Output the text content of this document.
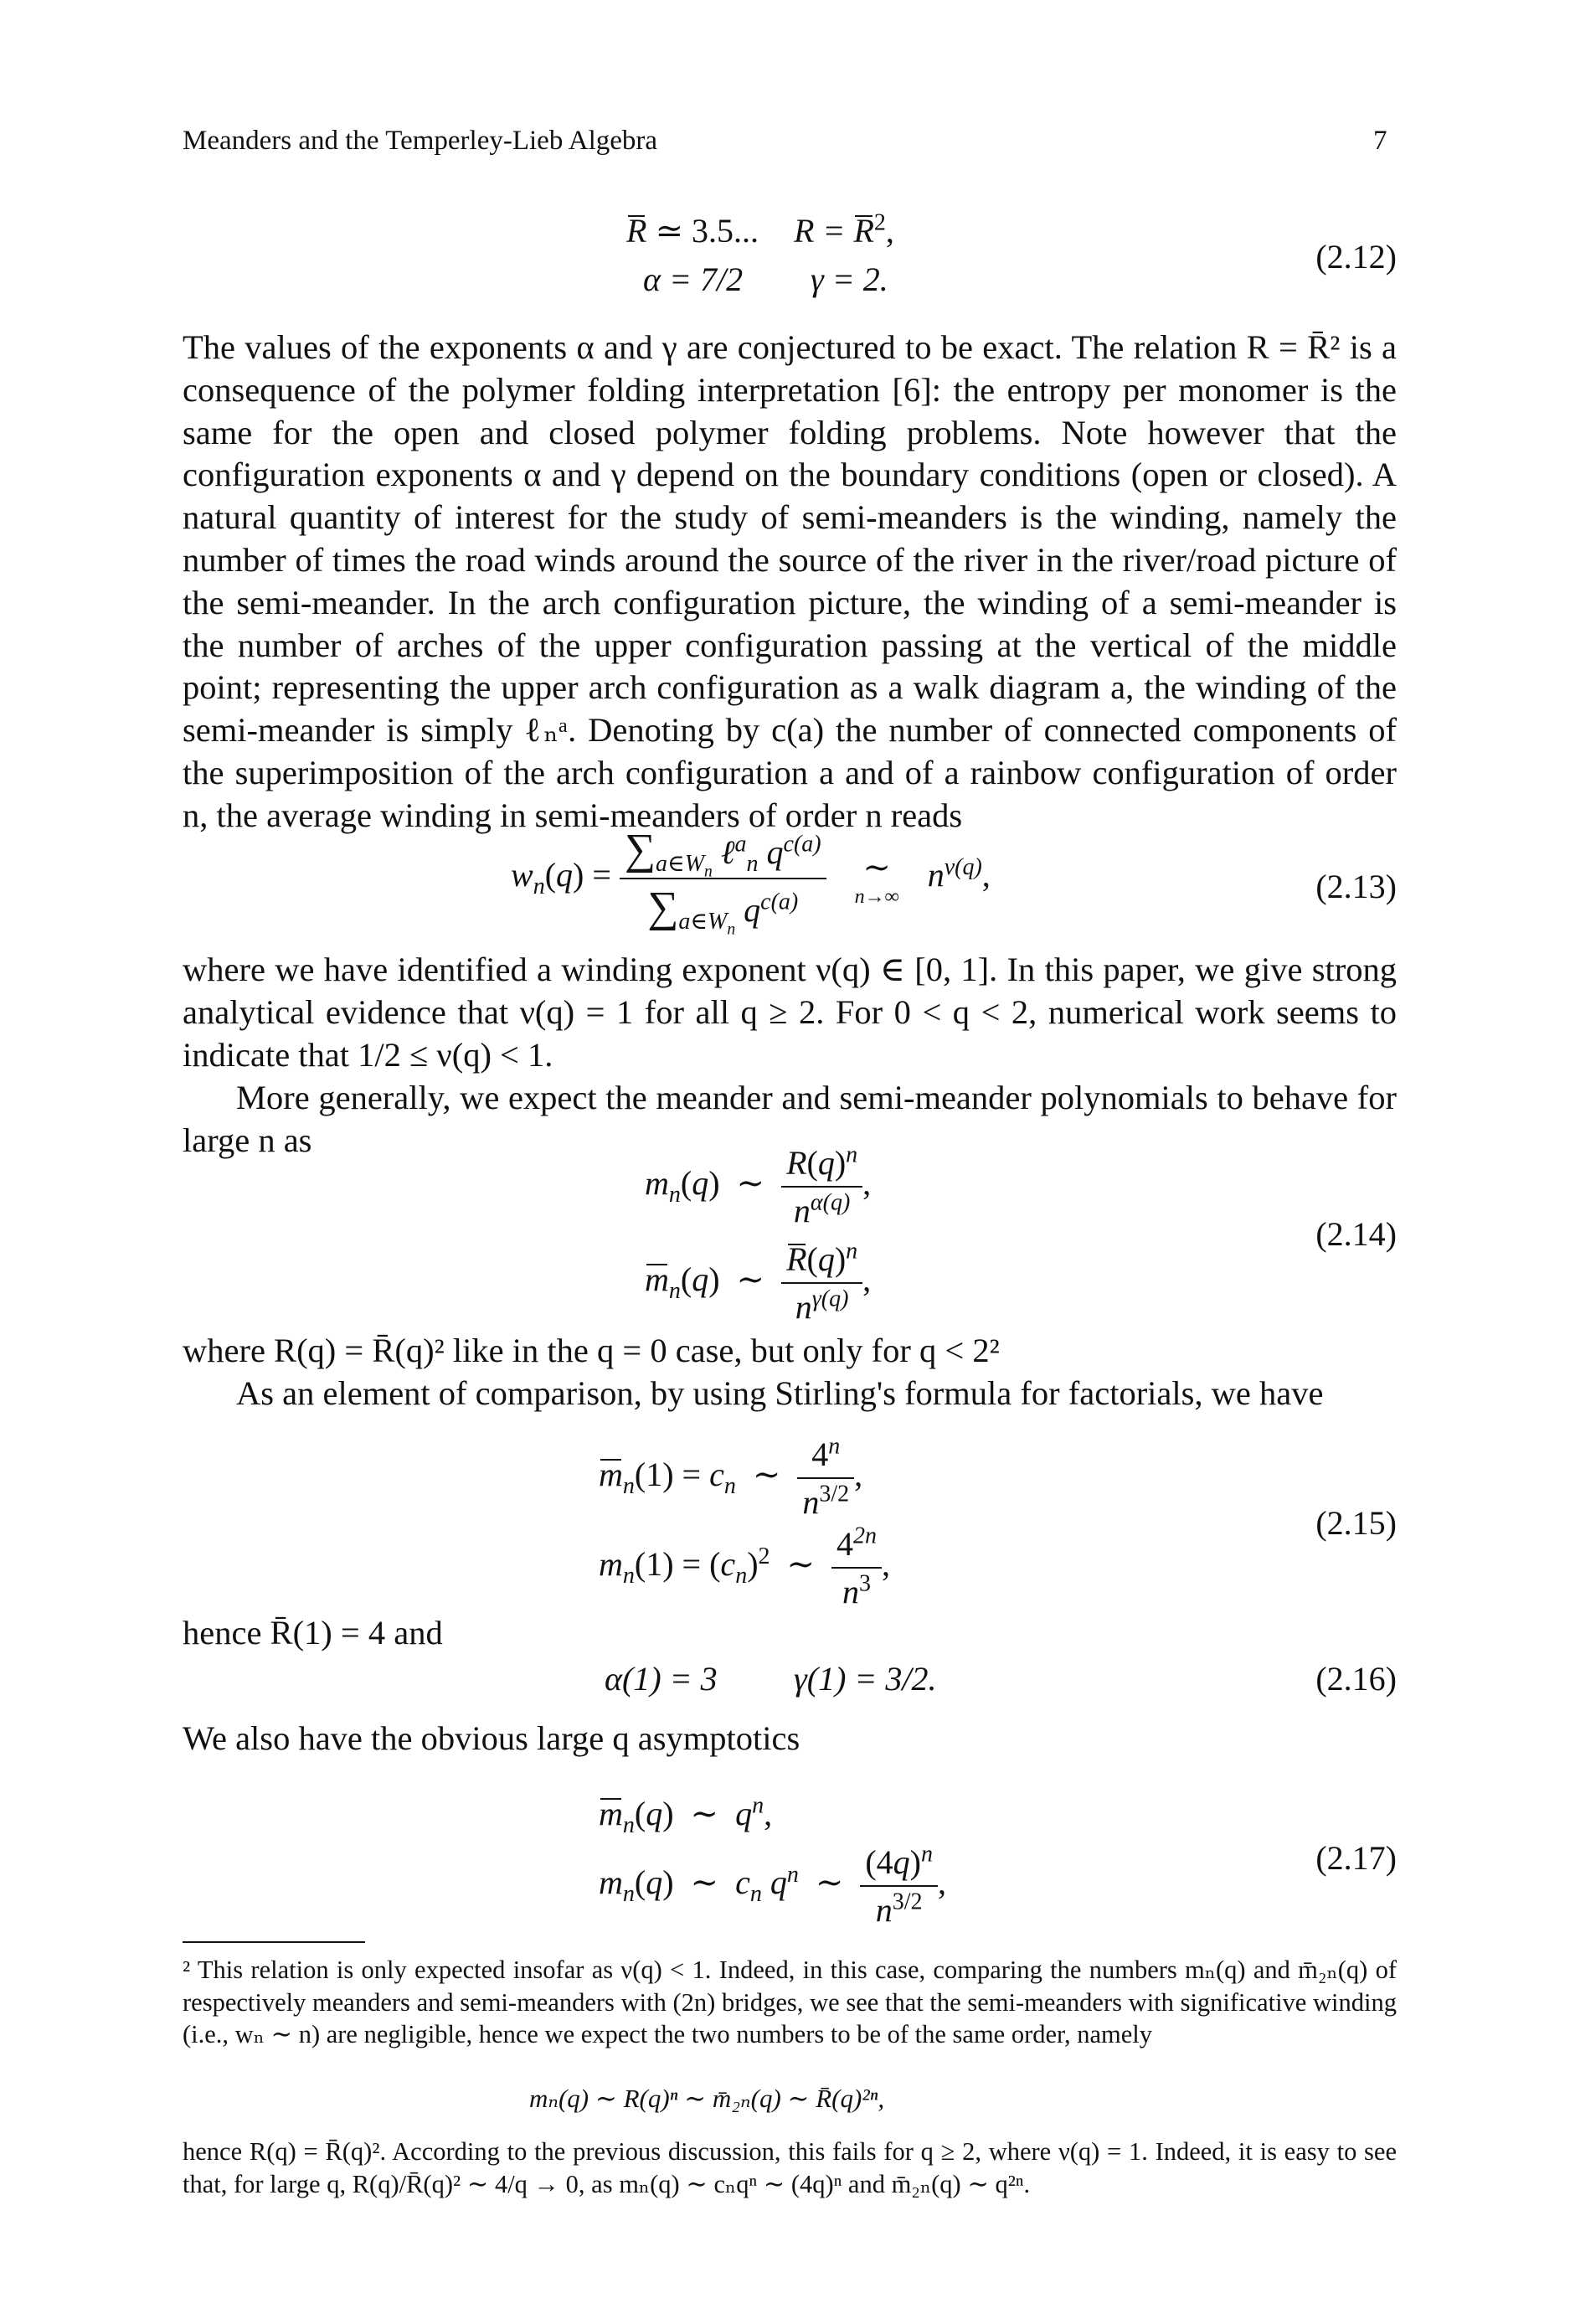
Meanders and the Temperley-Lieb Algebra	7
R ≃ 3.5... $R = R^2$,
α = 7/2 γ = 2.
(2.12)

The values of the exponents α and γ are conjectured to be exact. The relation R = R̄² is a consequence of the polymer folding interpretation [6]: the entropy per monomer is the same for the open and closed polymer folding problems. Note however that the configuration exponents α and γ depend on the boundary conditions (open or closed). A natural quantity of interest for the study of semi-meanders is the winding, namely the number of times the road winds around the source of the river in the river/road picture of the semi-meander. In the arch configuration picture, the winding of a semi-meander is the number of arches of the upper configuration passing at the vertical of the middle point; representing the upper arch configuration as a walk diagram a, the winding of the semi-meander is simply ℓₙᵃ. Denoting by c(a) the number of connected components of the superimposition of the arch configuration a and of a rainbow configuration of order n, the average winding in semi-meanders of order n reads

$w_n(q) = \frac{\sum_{a\in W_n} \ell^a_n q^{c(a)}}{\sum_{a\in W_n} q^{c(a)}}$ ∼
n→∞
$n^{\nu(q)}$,	(2.13)

where we have identified a winding exponent ν(q) ∈ [0, 1]. In this paper, we give strong analytical evidence that ν(q) = 1 for all q ≥ 2. For 0 < q < 2, numerical work seems to indicate that 1/2 ≤ ν(q) < 1.

More generally, we expect the meander and semi-meander polynomials to behave for large n as

$m_n(q)$  ∼ $\frac{R(q)^n}{n^{\alpha(q)}}$ ,
$m_n(q)$  ∼ $\frac{R(q)^n}{n^{\gamma(q)}}$ ,
(2.14)

where R(q) = R̄(q)² like in the q = 0 case, but only for q < 2²

As an element of comparison, by using Stirling's formula for factorials, we have

$m_n(1) = c_n$  ∼ $\frac{4^n}{n^{3/2}}$ ,
$m_n(1) = (c_n)^2$  ∼ $\frac{4^{2n}}{n^3}$ ,
(2.15)
hence R̄(1) = 4 and
α(1) = 3 γ(1) = 3/2.	(2.16)
We also have the obvious large q asymptotics
$m_n(q)$  ∼  $q^n$,
$m_n(q)$  ∼  $c_n$ $q^n$  ∼ $\frac{(4q)^n}{n^{3/2}}$ ,
(2.17)

² This relation is only expected insofar as ν(q) < 1. Indeed, in this case, comparing the numbers mₙ(q) and m̄₂ₙ(q) of respectively meanders and semi-meanders with (2n) bridges, we see that the semi-meanders with significative winding (i.e., wₙ ∼ n) are negligible, hence we expect the two numbers to be of the same order, namely

mₙ(q) ∼ R(q)ⁿ ∼ m̄₂ₙ(q) ∼ R̄(q)²ⁿ,

hence R(q) = R̄(q)². According to the previous discussion, this fails for q ≥ 2, where ν(q) = 1. Indeed, it is easy to see that, for large q, R(q)/R̄(q)² ∼ 4/q → 0, as mₙ(q) ∼ cₙqⁿ ∼ (4q)ⁿ and m̄₂ₙ(q) ∼ q²ⁿ.
